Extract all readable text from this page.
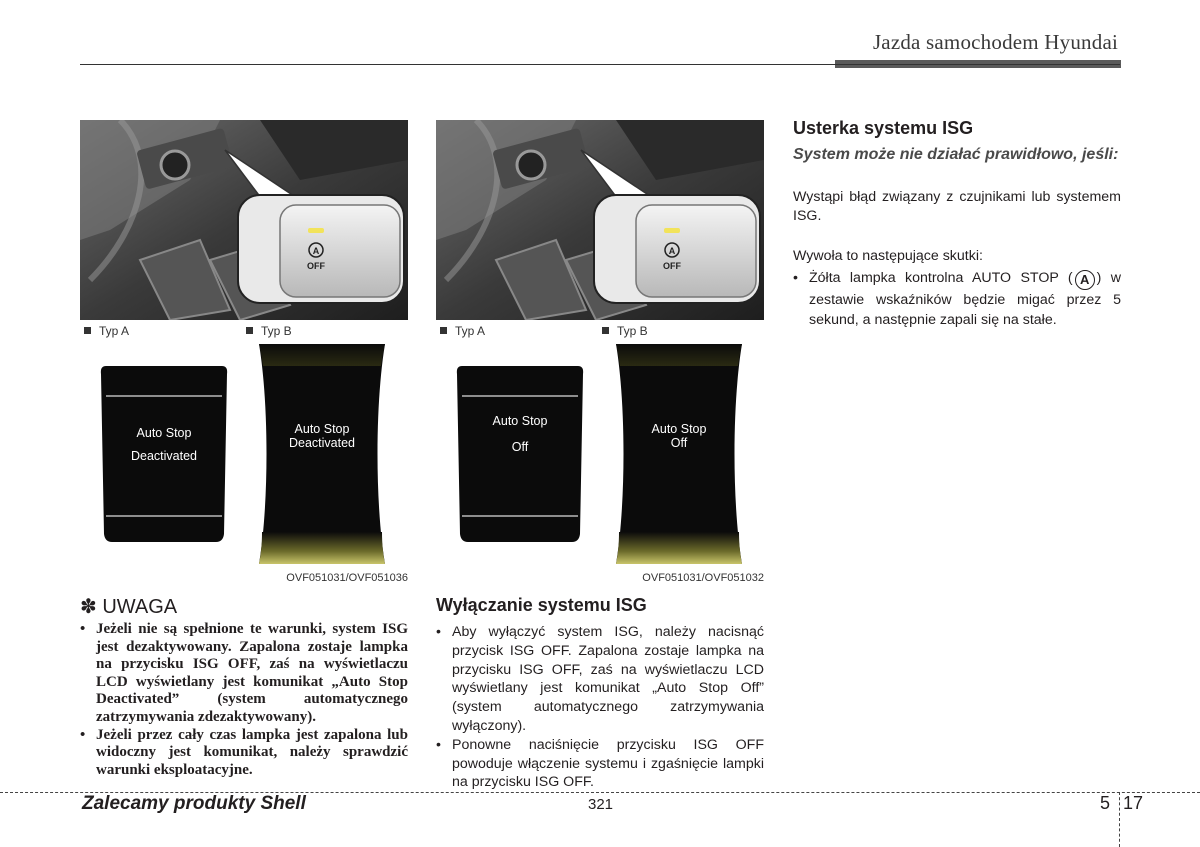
Jazda samochodem Hyundai
A
OFF
A
OFF
Typ A	Typ B	Typ A	Typ B
Auto Stop
Deactivated
Auto Stop
Deactivated
Auto Stop
Off
Auto Stop
Off
OVF051031/OVF051036	OVF051031/OVF051032
✽ UWAGA
• Jeżeli nie są spełnione te warunki, system ISG jest dezaktywowany. Zapalona zostaje lampka na przycisku ISG OFF, zaś na wyświetlaczu LCD wyświetlany jest komunikat „Auto Stop Deactivated” (system automatycznego zatrzymywania zdezaktywowany).
• Jeżeli przez cały czas lampka jest zapalona lub widoczny jest komunikat, należy sprawdzić warunki eksploatacyjne.
Wyłączanie systemu ISG
• Aby wyłączyć system ISG, należy nacisnąć przycisk ISG OFF. Zapalona zostaje lampka na przycisku ISG OFF, zaś na wyświetlaczu LCD wyświetlany jest komunikat „Auto Stop Off” (system automatycznego zatrzymywania wyłączony).
• Ponowne naciśnięcie przycisku ISG OFF powoduje włączenie systemu i zgaśnięcie lampki na przycisku ISG OFF.
Usterka systemu ISG
System może nie działać prawidłowo, jeśli:
Wystąpi błąd związany z czujnikami lub systemem ISG.
Wywoła to następujące skutki:
• Żółta lampka kontrolna AUTO STOP ( A ) w zestawie wskaźników będzie migać przez 5 sekund, a następnie zapali się na stałe.
Zalecamy produkty Shell	321	5 17
